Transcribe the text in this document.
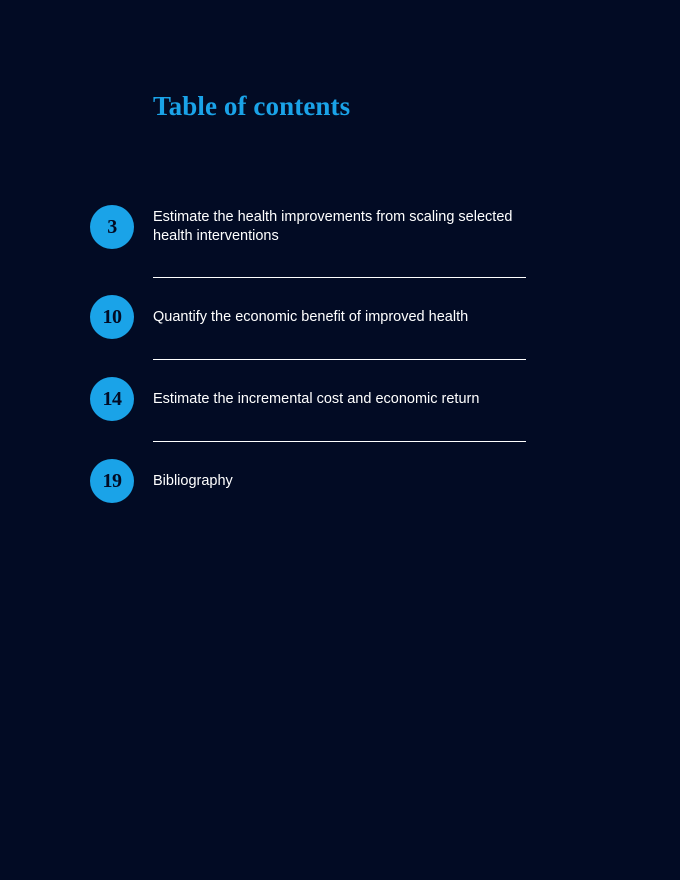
Table of contents
3	Estimate the health improvements from scaling selected health interventions
10	Quantify the economic benefit of improved health
14	Estimate the incremental cost and economic return
19	Bibliography
